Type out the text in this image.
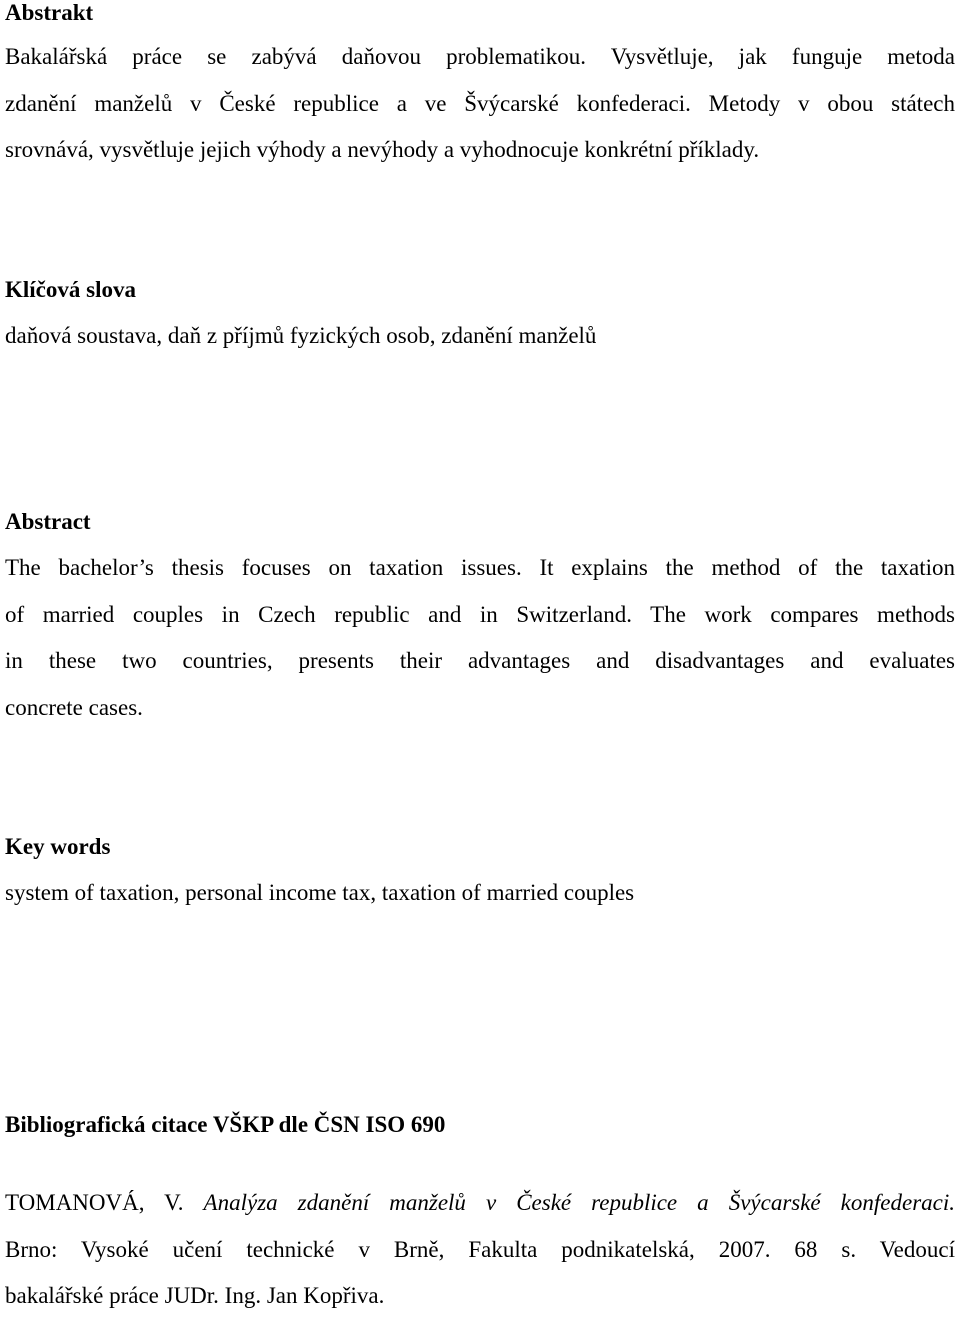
Abstrakt
Bakalářská práce se zabývá daňovou problematikou. Vysvětluje, jak funguje metoda
zdanění manželů v České republice a ve Švýcarské konfederaci. Metody v obou státech
srovnává, vysvětluje jejich výhody a nevýhody a vyhodnocuje konkrétní příklady.
Klíčová slova
daňová soustava, daň z příjmů fyzických osob, zdanění manželů
Abstract
The bachelor’s thesis focuses on taxation issues. It explains the method of the taxation
of married couples in Czech republic and in Switzerland. The work compares methods
in these two countries, presents their advantages and disadvantages and evaluates
concrete cases.
Key words
system of taxation, personal income tax, taxation of married couples
Bibliografická citace VŠKP dle ČSN ISO 690
TOMANOVÁ, V. Analýza zdanění manželů v České republice a Švýcarské konfederaci.
Brno: Vysoké učení technické v Brně, Fakulta podnikatelská, 2007. 68 s. Vedoucí
bakalářské práce JUDr. Ing. Jan Kopřiva.
